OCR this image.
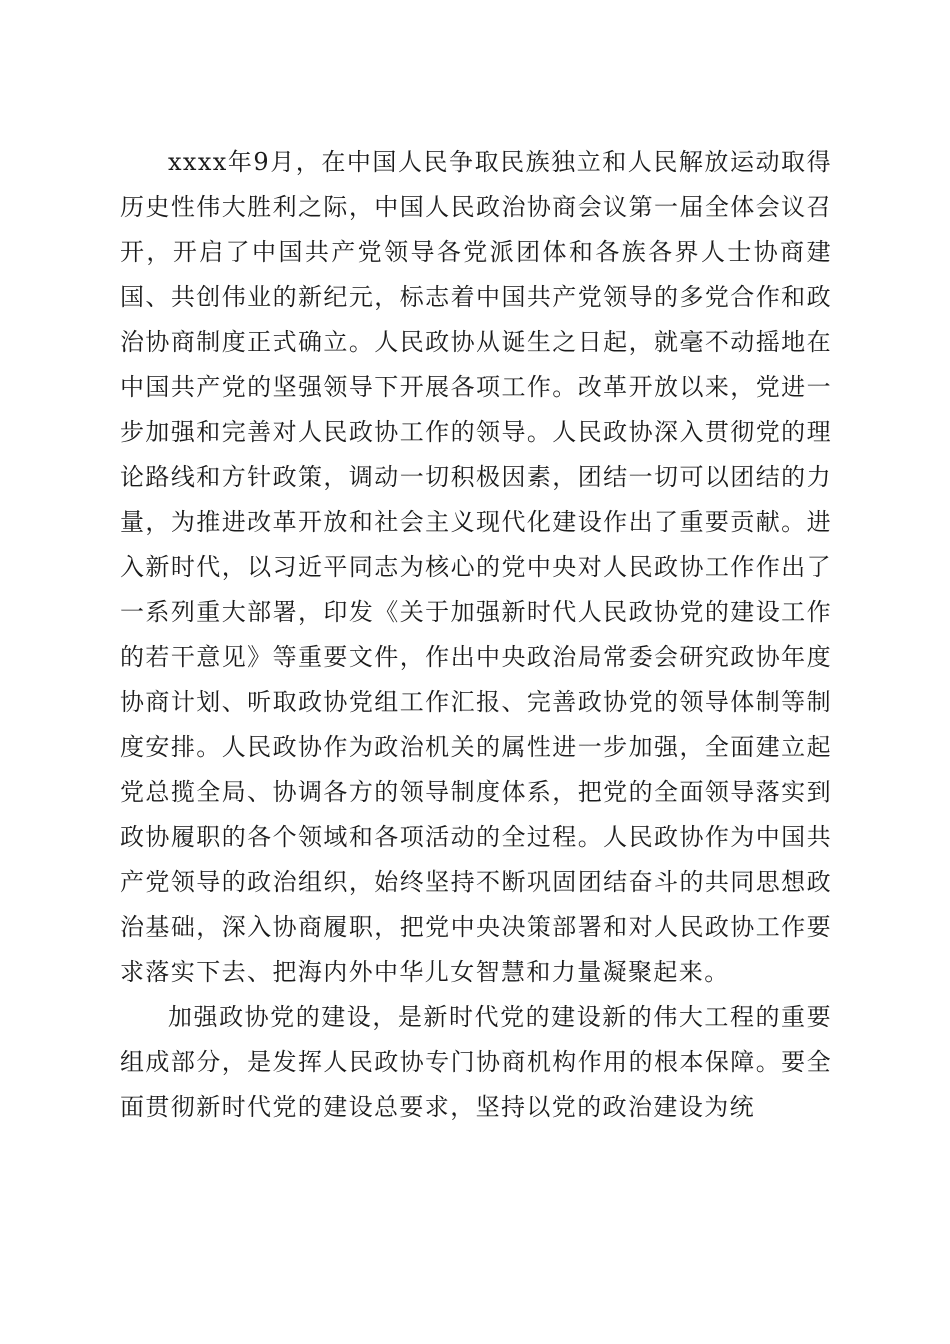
xxxx年9月，在中国人民争取民族独立和人民解放运动取得历史性伟大胜利之际，中国人民政治协商会议第一届全体会议召开，开启了中国共产党领导各党派团体和各族各界人士协商建国、共创伟业的新纪元，标志着中国共产党领导的多党合作和政治协商制度正式确立。人民政协从诞生之日起，就毫不动摇地在中国共产党的坚强领导下开展各项工作。改革开放以来，党进一步加强和完善对人民政协工作的领导。人民政协深入贯彻党的理论路线和方针政策，调动一切积极因素，团结一切可以团结的力量，为推进改革开放和社会主义现代化建设作出了重要贡献。进入新时代，以习近平同志为核心的党中央对人民政协工作作出了一系列重大部署，印发《关于加强新时代人民政协党的建设工作的若干意见》等重要文件，作出中央政治局常委会研究政协年度协商计划、听取政协党组工作汇报、完善政协党的领导体制等制度安排。人民政协作为政治机关的属性进一步加强，全面建立起党总揽全局、协调各方的领导制度体系，把党的全面领导落实到政协履职的各个领域和各项活动的全过程。人民政协作为中国共产党领导的政治组织，始终坚持不断巩固团结奋斗的共同思想政治基础，深入协商履职，把党中央决策部署和对人民政协工作要求落实下去、把海内外中华儿女智慧和力量凝聚起来。

加强政协党的建设，是新时代党的建设新的伟大工程的重要组成部分，是发挥人民政协专门协商机构作用的根本保障。要全面贯彻新时代党的建设总要求，坚持以党的政治建设为统
